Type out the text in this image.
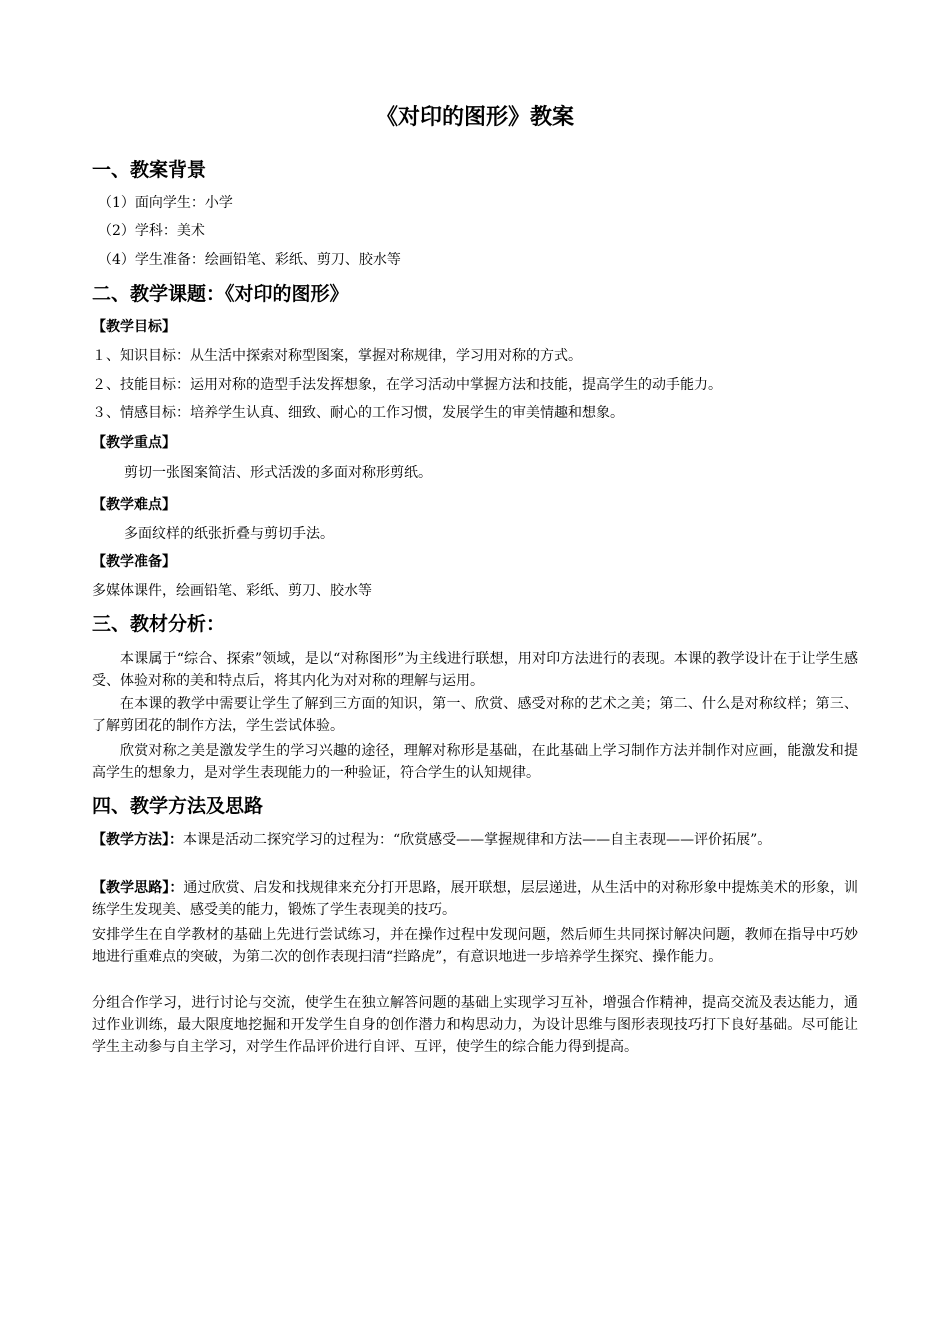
《对印的图形》教案
一、教案背景

（1）面向学生：小学

（2）学科：美术

（4）学生准备：绘画铅笔、彩纸、剪刀、胶水等

二、教学课题：《对印的图形》

【教学目标】

１、知识目标：从生活中探索对称型图案，掌握对称规律，学习用对称的方式。

２、技能目标：运用对称的造型手法发挥想象，在学习活动中掌握方法和技能，提高学生的动手能力。

３、情感目标：培养学生认真、细致、耐心的工作习惯，发展学生的审美情趣和想象。

【教学重点】

剪切一张图案简洁、形式活泼的多面对称形剪纸。

【教学难点】

多面纹样的纸张折叠与剪切手法。

【教学准备】

多媒体课件，绘画铅笔、彩纸、剪刀、胶水等

三、教材分析：

本课属于“综合、探索”领域，是以“对称图形”为主线进行联想，用对印方法进行的表现。本课的教学设计在于让学生感受、体验对称的美和特点后，将其内化为对对称的理解与运用。

在本课的教学中需要让学生了解到三方面的知识，第一、欣赏、感受对称的艺术之美；第二、什么是对称纹样；第三、了解剪团花的制作方法，学生尝试体验。

欣赏对称之美是激发学生的学习兴趣的途径，理解对称形是基础，在此基础上学习制作方法并制作对应画，能激发和提高学生的想象力，是对学生表现能力的一种验证，符合学生的认知规律。

四、教学方法及思路

【教学方法】：本课是活动二探究学习的过程为：“欣赏感受——掌握规律和方法——自主表现——评价拓展”。

【教学思路】：通过欣赏、启发和找规律来充分打开思路，展开联想，层层递进，从生活中的对称形象中提炼美术的形象，训练学生发现美、感受美的能力，锻炼了学生表现美的技巧。

安排学生在自学教材的基础上先进行尝试练习，并在操作过程中发现问题，然后师生共同探讨解决问题，教师在指导中巧妙地进行重难点的突破，为第二次的创作表现扫清“拦路虎”，有意识地进一步培养学生探究、操作能力。

分组合作学习，进行讨论与交流，使学生在独立解答问题的基础上实现学习互补，增强合作精神，提高交流及表达能力，通过作业训练，最大限度地挖掘和开发学生自身的创作潜力和构思动力，为设计思维与图形表现技巧打下良好基础。尽可能让学生主动参与自主学习，对学生作品评价进行自评、互评，使学生的综合能力得到提高。
